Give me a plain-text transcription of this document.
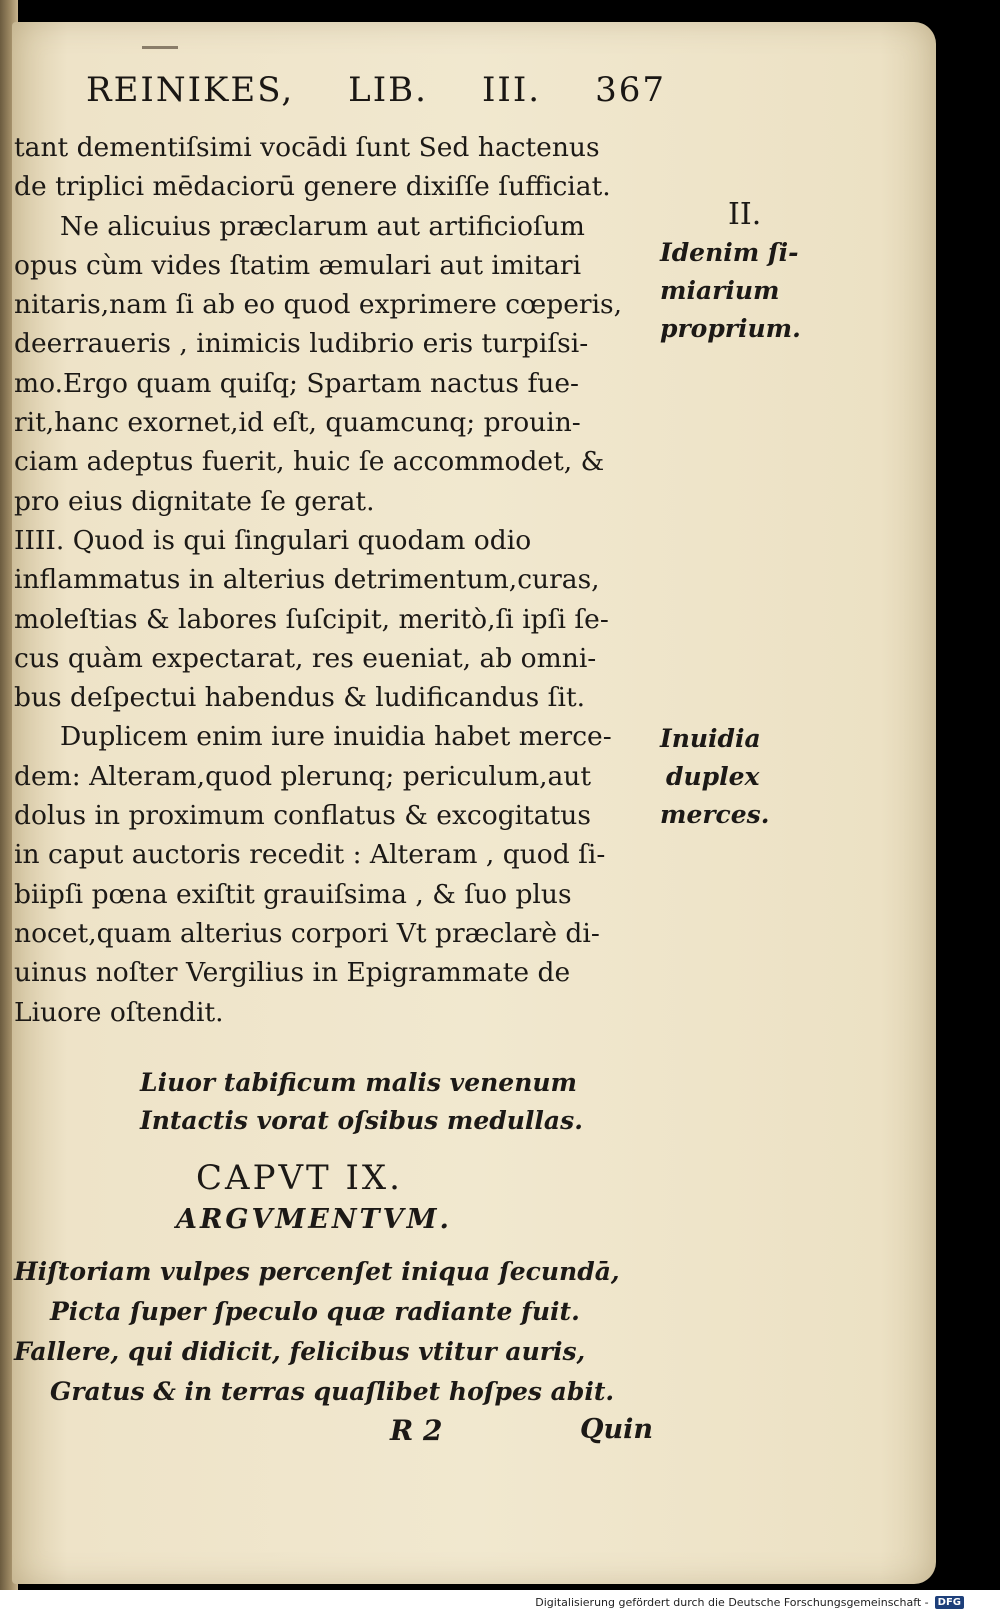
REINIKES, LIB. III. 367
tant dementiſsimi vocādi ſunt Sed hactenus
de triplici mēdaciorū genere dixiſſe ſufficiat.
Ne alicuius præclarum aut artificioſum
opus cùm vides ſtatim æmulari aut imitari
nitaris,nam ſi ab eo quod exprimere cœperis,
deerraueris , inimicis ludibrio eris turpiſsi-
mo.Ergo quam quiſq; Spartam nactus fue-
rit,hanc exornet,id eſt, quamcunq; prouin-
ciam adeptus fuerit, huic ſe accommodet, &
pro eius dignitate ſe gerat.
IIII. Quod is qui ſingulari quodam odio
inflammatus in alterius detrimentum,curas,
moleſtias & labores ſuſcipit, meritò,ſi ipſi ſe-
cus quàm expectarat, res eueniat, ab omni-
bus deſpectui habendus & ludificandus ſit.
Duplicem enim iure inuidia habet merce-
dem: Alteram,quod plerunq; periculum,aut
dolus in proximum conflatus & excogitatus
in caput auctoris recedit : Alteram , quod ſi-
biipſi pœna exiſtit grauiſsima , & ſuo plus
nocet,quam alterius corpori Vt præclarè di-
uinus noſter Vergilius in Epigrammate de
Liuore oſtendit.
II.
Idenim ſi-
miarium
proprium.
Inuidia
duplex
merces.
Liuor tabificum malis venenum
Intactis vorat oſsibus medullas.
CAPVT IX.
ARGVMENTVM.
Hiſtoriam vulpes percenſet iniqua ſecundā,
Picta ſuper ſpeculo quæ radiante fuit.
Fallere, qui didicit, felicibus vtitur auris,
Gratus & in terras quaſlibet hoſpes abit.
R 2	Quin
Digitalisierung gefördert durch die Deutsche Forschungsgemeinschaft - DFG
